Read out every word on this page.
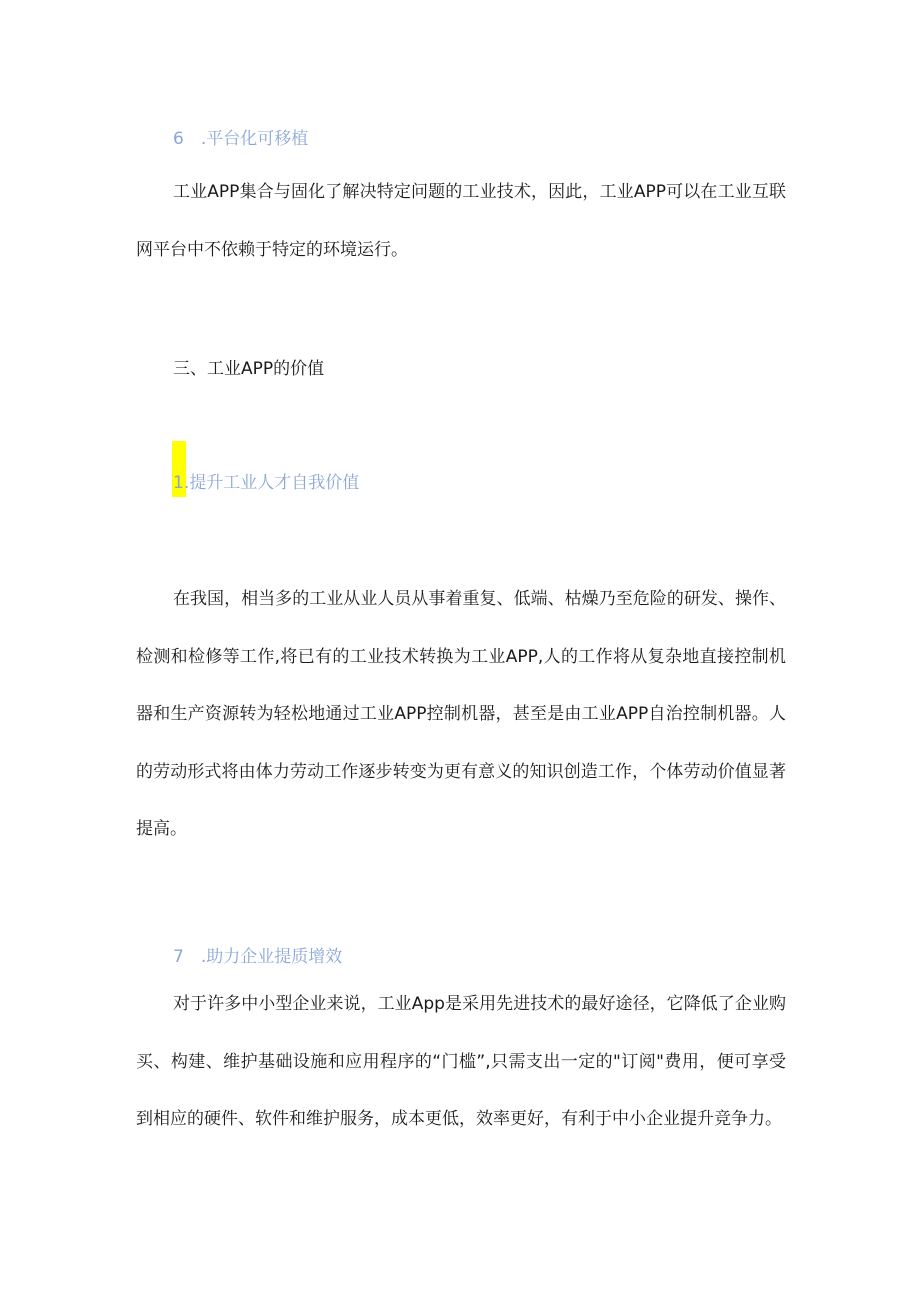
6　.平台化可移植

工业APP集合与固化了解决特定问题的工业技术，因此，工业APP可以在工业互联网平台中不依赖于特定的环境运行。

三、工业APP的价值
1.提升工业人才自我价值

在我国，相当多的工业从业人员从事着重复、低端、枯燥乃至危险的研发、操作、检测和检修等工作,将已有的工业技术转换为工业APP,人的工作将从复杂地直接控制机器和生产资源转为轻松地通过工业APP控制机器，甚至是由工业APP自治控制机器。人的劳动形式将由体力劳动工作逐步转变为更有意义的知识创造工作，个体劳动价值显著提高。

7　.助力企业提质增效

对于许多中小型企业来说，工业App是采用先进技术的最好途径，它降低了企业购买、构建、维护基础设施和应用程序的“门槛”,只需支出一定的"订阅"费用，便可享受到相应的硬件、软件和维护服务，成本更低，效率更好，有利于中小企业提升竞争力。
